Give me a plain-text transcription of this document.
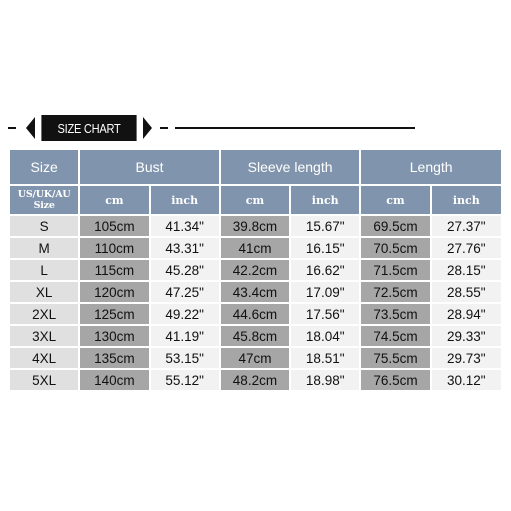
SIZE CHART
Size	Bust		Sleeve length		Length	
US/UK/AU Size	cm	inch	cm	inch	cm	inch
S	105cm	41.34"	39.8cm	15.67"	69.5cm	27.37"
M	110cm	43.31"	41cm	16.15"	70.5cm	27.76"
L	115cm	45.28"	42.2cm	16.62"	71.5cm	28.15"
XL	120cm	47.25"	43.4cm	17.09"	72.5cm	28.55"
2XL	125cm	49.22"	44.6cm	17.56"	73.5cm	28.94"
3XL	130cm	41.19"	45.8cm	18.04"	74.5cm	29.33"
4XL	135cm	53.15"	47cm	18.51"	75.5cm	29.73"
5XL	140cm	55.12"	48.2cm	18.98"	76.5cm	30.12"
